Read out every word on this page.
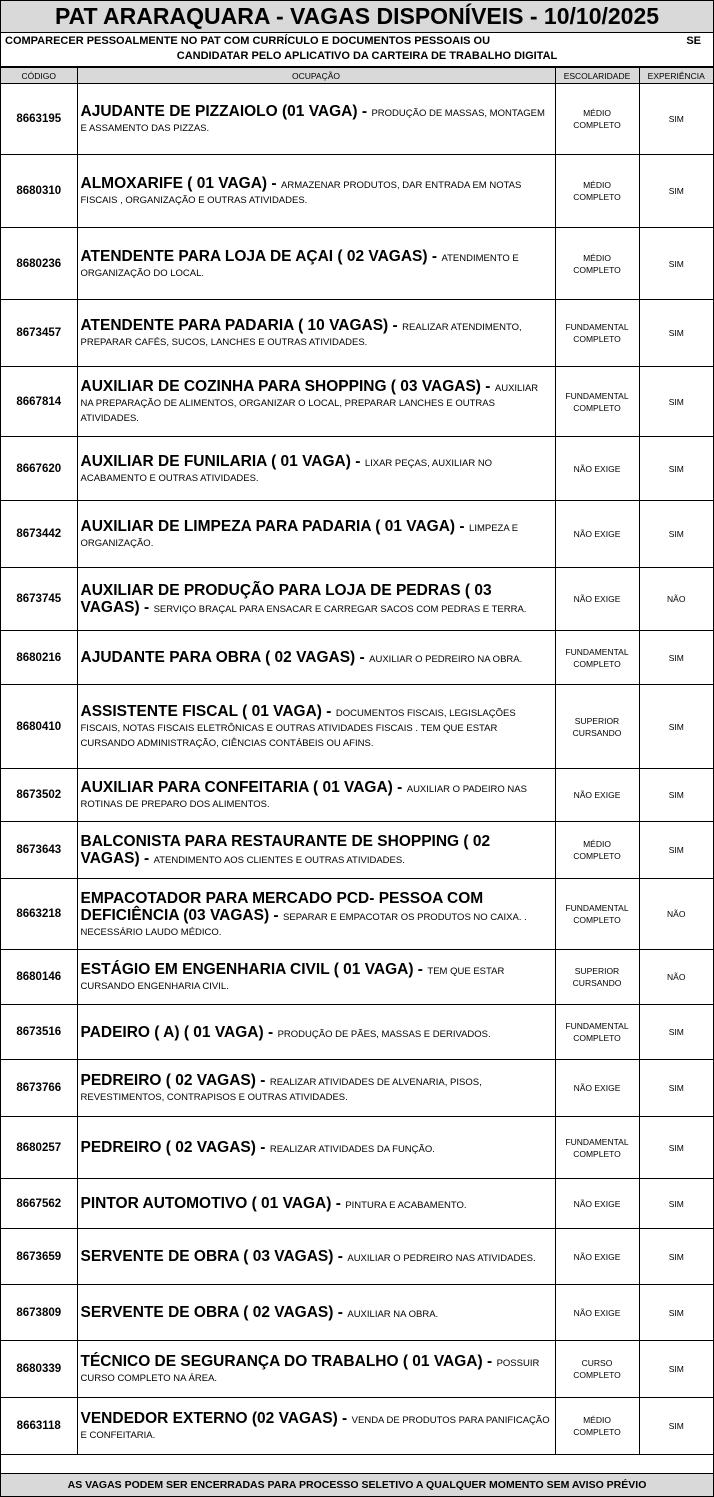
PAT ARARAQUARA - VAGAS DISPONÍVEIS - 10/10/2025
COMPARECER PESSOALMENTE NO PAT COM CURRÍCULO E DOCUMENTOS PESSOAIS OU	SE
CANDIDATAR PELO APLICATIVO DA CARTEIRA DE TRABALHO DIGITAL
CÓDIGO	OCUPAÇÃO	ESCOLARIDADE	EXPERIÊNCIA
8663195	AJUDANTE DE PIZZAIOLO (01 VAGA) - PRODUÇÃO DE MASSAS, MONTAGEM E ASSAMENTO DAS PIZZAS.	MÉDIO COMPLETO	SIM
8680310	ALMOXARIFE ( 01 VAGA) - ARMAZENAR PRODUTOS, DAR ENTRADA EM NOTAS FISCAIS , ORGANIZAÇÃO E OUTRAS ATIVIDADES.	MÉDIO COMPLETO	SIM
8680236	ATENDENTE PARA LOJA DE AÇAI ( 02 VAGAS) - ATENDIMENTO E ORGANIZAÇÃO DO LOCAL.	MÉDIO COMPLETO	SIM
8673457	ATENDENTE PARA PADARIA ( 10 VAGAS) - REALIZAR ATENDIMENTO, PREPARAR CAFÉS, SUCOS, LANCHES E OUTRAS ATIVIDADES.	FUNDAMENTAL COMPLETO	SIM
8667814	AUXILIAR DE COZINHA PARA SHOPPING ( 03 VAGAS) - AUXILIAR NA PREPARAÇÃO DE ALIMENTOS, ORGANIZAR O LOCAL, PREPARAR LANCHES E OUTRAS ATIVIDADES.	FUNDAMENTAL COMPLETO	SIM
8667620	AUXILIAR DE FUNILARIA ( 01 VAGA) - LIXAR PEÇAS, AUXILIAR NO ACABAMENTO E OUTRAS ATIVIDADES.	NÃO EXIGE	SIM
8673442	AUXILIAR DE LIMPEZA PARA PADARIA ( 01 VAGA) - LIMPEZA E ORGANIZAÇÃO.	NÃO EXIGE	SIM
8673745	AUXILIAR DE PRODUÇÃO PARA LOJA DE PEDRAS ( 03 VAGAS) - SERVIÇO BRAÇAL PARA ENSACAR E CARREGAR SACOS COM PEDRAS E TERRA.	NÃO EXIGE	NÃO
8680216	AJUDANTE PARA OBRA ( 02 VAGAS) - AUXILIAR O PEDREIRO NA OBRA.	FUNDAMENTAL COMPLETO	SIM
8680410	ASSISTENTE FISCAL ( 01 VAGA) - DOCUMENTOS FISCAIS, LEGISLAÇÕES FISCAIS, NOTAS FISCAIS ELETRÔNICAS E OUTRAS ATIVIDADES FISCAIS . TEM QUE ESTAR CURSANDO ADMINISTRAÇÃO, CIÊNCIAS CONTÁBEIS OU AFINS.	SUPERIOR CURSANDO	SIM
8673502	AUXILIAR PARA CONFEITARIA ( 01 VAGA) - AUXILIAR O PADEIRO NAS ROTINAS DE PREPARO DOS ALIMENTOS.	NÃO EXIGE	SIM
8673643	BALCONISTA PARA RESTAURANTE DE SHOPPING ( 02 VAGAS) - ATENDIMENTO AOS CLIENTES E OUTRAS ATIVIDADES.	MÉDIO COMPLETO	SIM
8663218	EMPACOTADOR PARA MERCADO PCD- PESSOA COM DEFICIÊNCIA (03 VAGAS) - SEPARAR E EMPACOTAR OS PRODUTOS NO CAIXA. . NECESSÁRIO LAUDO MÉDICO.	FUNDAMENTAL COMPLETO	NÃO
8680146	ESTÁGIO EM ENGENHARIA CIVIL ( 01 VAGA) - TEM QUE ESTAR CURSANDO ENGENHARIA CIVIL.	SUPERIOR CURSANDO	NÃO
8673516	PADEIRO ( A) ( 01 VAGA) - PRODUÇÃO DE PÃES, MASSAS E DERIVADOS.	FUNDAMENTAL COMPLETO	SIM
8673766	PEDREIRO ( 02 VAGAS) - REALIZAR ATIVIDADES DE ALVENARIA, PISOS, REVESTIMENTOS, CONTRAPISOS E OUTRAS ATIVIDADES.	NÃO EXIGE	SIM
8680257	PEDREIRO ( 02 VAGAS) - REALIZAR ATIVIDADES DA FUNÇÃO.	FUNDAMENTAL COMPLETO	SIM
8667562	PINTOR AUTOMOTIVO ( 01 VAGA) - PINTURA E ACABAMENTO.	NÃO EXIGE	SIM
8673659	SERVENTE DE OBRA ( 03 VAGAS) - AUXILIAR O PEDREIRO NAS ATIVIDADES.	NÃO EXIGE	SIM
8673809	SERVENTE DE OBRA ( 02 VAGAS) - AUXILIAR NA OBRA.	NÃO EXIGE	SIM
8680339	TÉCNICO DE SEGURANÇA DO TRABALHO ( 01 VAGA) - POSSUIR CURSO COMPLETO NA ÁREA.	CURSO COMPLETO	SIM
8663118	VENDEDOR EXTERNO (02 VAGAS) - VENDA DE PRODUTOS PARA PANIFICAÇÃO E CONFEITARIA.	MÉDIO COMPLETO	SIM
AS VAGAS PODEM SER ENCERRADAS PARA PROCESSO SELETIVO A QUALQUER MOMENTO SEM AVISO PRÉVIO
